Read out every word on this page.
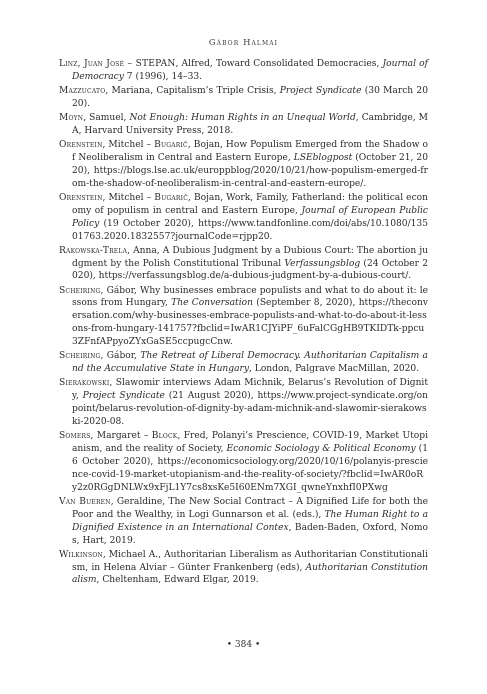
Gábor Halmai

Linz, Juan José – STEPAN, Alfred, Toward Consolidated Democracies, Journal of Democracy 7 (1996), 14–33.

Mazzucato, Mariana, Capitalism’s Triple Crisis, Project Syndicate (30 March 2020).

Moyn, Samuel, Not Enough: Human Rights in an Unequal World, Cambridge, MA, Harvard University Press, 2018.

Orenstein, Mitchel – Bugarič, Bojan, How Populism Emerged from the Shadow of Neoliberalism in Central and Eastern Europe, LSEblogpost (October 21, 2020), https://blogs.lse.ac.uk/europpblog/2020/10/21/how-populism-emerged-from-the-shadow-of-neoliberalism-in-central-and-eastern-europe/.

Orenstein, Mitchel – Bugarič, Bojan, Work, Family, Fatherland: the political economy of populism in central and Eastern Europe, Journal of European Public Policy (19 October 2020), https://www.tandfonline.com/doi/abs/10.1080/13501763.2020.1832557?journalCode=rjpp20.

Rakowska-Trela, Anna, A Dubious Judgment by a Dubious Court: The abortion judgment by the Polish Constitutional Tribunal Verfassungsblog (24 October 2020), https://verfassungsblog.de/a-dubious-judgment-by-a-dubious-court/.

Scheiring, Gábor, Why businesses embrace populists and what to do about it: lessons from Hungary, The Conversation (September 8, 2020), https://theconversation.com/why-businesses-embrace-populists-and-what-to-do-about-it-lessons-from-hungary-141757?fbclid=IwAR1CJYiPF_6uFalCGgHB9TKIDTk-ppcu3ZFnfAPpyoZYxGaSE5ccpugcCnw.

Scheiring, Gábor, The Retreat of Liberal Democracy. Authoritarian Capitalism and the Accumulative State in Hungary, London, Palgrave MacMillan, 2020.

Sierakowski, Slawomir interviews Adam Michnik, Belarus’s Revolution of Dignity, Project Syndicate (21 August 2020), https://www.project-syndicate.org/onpoint/belarus-revolution-of-dignity-by-adam-michnik-and-slawomir-sierakowski-2020-08.

Somers, Margaret – Block, Fred, Polanyi’s Prescience, COVID-19, Market Utopianism, and the reality of Society, Economic Sociology & Political Economy (16 October 2020), https://economicsociology.org/2020/10/16/polanyis-prescience-covid-19-market-utopianism-and-the-reality-of-society/?fbclid=IwAR0oRy2z0RGgDNLWx9xFjL1Y7cs8xsKe5I60ENm7XGI_qwneYnxhfI0PXwg

Van Bueren, Geraldine, The New Social Contract – A Dignified Life for both the Poor and the Wealthy, in Logi Gunnarson et al. (eds.), The Human Right to a Dignified Existence in an International Contex, Baden-Baden, Oxford, Nomos, Hart, 2019.

Wilkinson, Michael A., Authoritarian Liberalism as Authoritarian Constitutionalism, in Helena Alviar – Günter Frankenberg (eds), Authoritarian Constitutionalism, Cheltenham, Edward Elgar, 2019.

• 384 •
